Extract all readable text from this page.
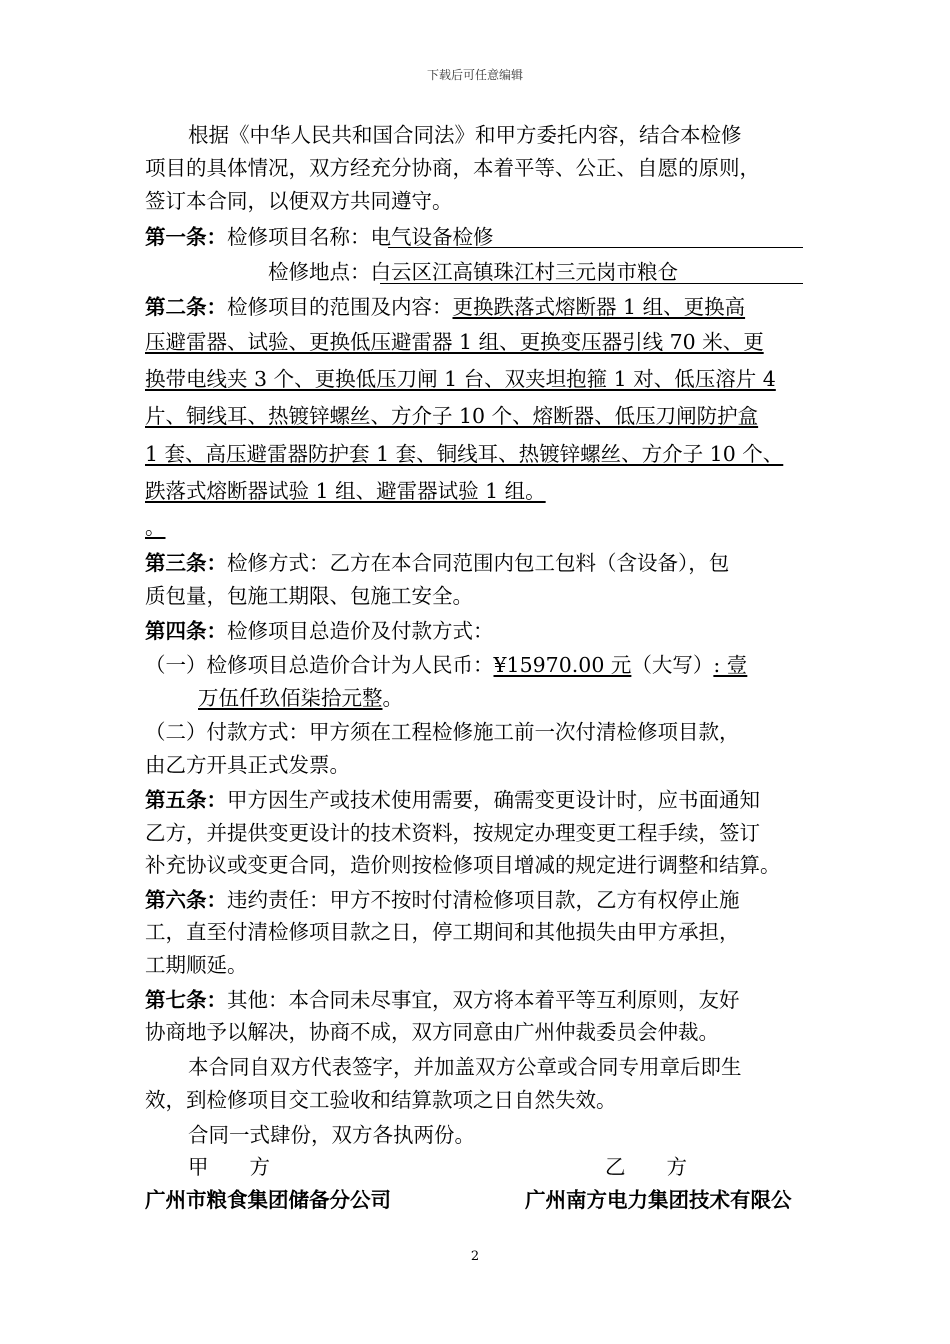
下载后可任意编辑
根据《中华人民共和国合同法》和甲方委托内容，结合本检修
项目的具体情况，双方经充分协商，本着平等、公正、自愿的原则，
签订本合同，以便双方共同遵守。
第一条：检修项目名称：电气设备检修
检修地点：白云区江高镇珠江村三元岗市粮仓
第二条：检修项目的范围及内容：更换跌落式熔断器 1 组、更换高
压避雷器、试验、更换低压避雷器 1 组、更换变压器引线 70 米、更
换带电线夹 3 个、更换低压刀闸 1 台、双夹坦抱箍 1 对、低压溶片 4
片、铜线耳、热镀锌螺丝、方介子 10 个、熔断器、低压刀闸防护盒
1 套、高压避雷器防护套 1 套、铜线耳、热镀锌螺丝、方介子 10 个、
跌落式熔断器试验 1 组、避雷器试验 1 组。
。
第三条：检修方式：乙方在本合同范围内包工包料（含设备），包
质包量，包施工期限、包施工安全。
第四条：检修项目总造价及付款方式：
（一）检修项目总造价合计为人民币：¥15970.00 元（大写）: 壹
万伍仟玖佰柒拾元整。
（二）付款方式：甲方须在工程检修施工前一次付清检修项目款，
由乙方开具正式发票。
第五条：甲方因生产或技术使用需要，确需变更设计时，应书面通知
乙方，并提供变更设计的技术资料，按规定办理变更工程手续，签订
补充协议或变更合同，造价则按检修项目增减的规定进行调整和结算。
第六条：违约责任：甲方不按时付清检修项目款，乙方有权停止施
工，直至付清检修项目款之日，停工期间和其他损失由甲方承担，
工期顺延。
第七条：其他：本合同未尽事宜，双方将本着平等互利原则，友好
协商地予以解决，协商不成，双方同意由广州仲裁委员会仲裁。
本合同自双方代表签字，并加盖双方公章或合同专用章后即生
效，到检修项目交工验收和结算款项之日自然失效。
合同一式肆份，双方各执两份。
甲　　方	乙　　方
广州市粮食集团储备分公司	广州南方电力集团技术有限公
2
